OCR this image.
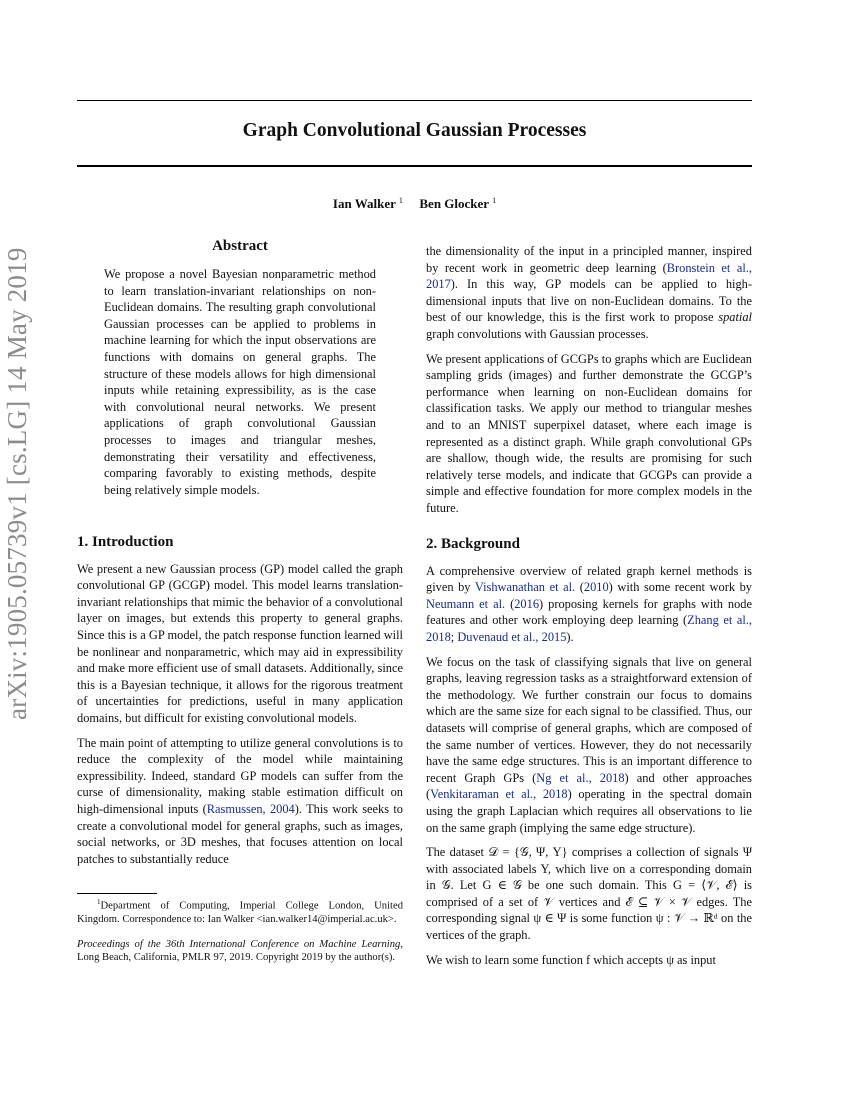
Graph Convolutional Gaussian Processes
Ian Walker $^1$ Ben Glocker $^1$
arXiv:1905.05739v1 [cs.LG] 14 May 2019
Abstract

We propose a novel Bayesian nonparametric method to learn translation-invariant relationships on non-Euclidean domains. The resulting graph convolutional Gaussian processes can be applied to problems in machine learning for which the input observations are functions with domains on general graphs. The structure of these models allows for high dimensional inputs while retaining expressibility, as is the case with convolutional neural networks. We present applications of graph convolutional Gaussian processes to images and triangular meshes, demonstrating their versatility and effectiveness, comparing favorably to existing methods, despite being relatively simple models.

1. Introduction

We present a new Gaussian process (GP) model called the graph convolutional GP (GCGP) model. This model learns translation-invariant relationships that mimic the behavior of a convolutional layer on images, but extends this property to general graphs. Since this is a GP model, the patch response function learned will be nonlinear and nonparametric, which may aid in expressibility and make more efficient use of small datasets. Additionally, since this is a Bayesian technique, it allows for the rigorous treatment of uncertainties for predictions, useful in many application domains, but difficult for existing convolutional models.

The main point of attempting to utilize general convolutions is to reduce the complexity of the model while maintaining expressibility. Indeed, standard GP models can suffer from the curse of dimensionality, making stable estimation difficult on high-dimensional inputs (Rasmussen, 2004). This work seeks to create a convolutional model for general graphs, such as images, social networks, or 3D meshes, that focuses attention on local patches to substantially reduce

$^1$Department of Computing, Imperial College London, United Kingdom. Correspondence to: Ian Walker <ian.walker14@imperial.ac.uk>.

Proceedings of the 36th International Conference on Machine Learning, Long Beach, California, PMLR 97, 2019. Copyright 2019 by the author(s).

the dimensionality of the input in a principled manner, inspired by recent work in geometric deep learning (Bronstein et al., 2017). In this way, GP models can be applied to high-dimensional inputs that live on non-Euclidean domains. To the best of our knowledge, this is the first work to propose spatial graph convolutions with Gaussian processes.

We present applications of GCGPs to graphs which are Euclidean sampling grids (images) and further demonstrate the GCGP’s performance when learning on non-Euclidean domains for classification tasks. We apply our method to triangular meshes and to an MNIST superpixel dataset, where each image is represented as a distinct graph. While graph convolutional GPs are shallow, though wide, the results are promising for such relatively terse models, and indicate that GCGPs can provide a simple and effective foundation for more complex models in the future.

2. Background

A comprehensive overview of related graph kernel methods is given by Vishwanathan et al. (2010) with some recent work by Neumann et al. (2016) proposing kernels for graphs with node features and other work employing deep learning (Zhang et al., 2018; Duvenaud et al., 2015).

We focus on the task of classifying signals that live on general graphs, leaving regression tasks as a straightforward extension of the methodology. We further constrain our focus to domains which are the same size for each signal to be classified. Thus, our datasets will comprise of general graphs, which are composed of the same number of vertices. However, they do not necessarily have the same edge structures. This is an important difference to recent Graph GPs (Ng et al., 2018) and other approaches (Venkitaraman et al., 2018) operating in the spectral domain using the graph Laplacian which requires all observations to lie on the same graph (implying the same edge structure).

The dataset 𝒟 = {𝒢, Ψ, Y} comprises a collection of signals Ψ with associated labels Y, which live on a corresponding domain in 𝒢. Let G ∈ 𝒢 be one such domain. This G = ⟨𝒱, ℰ⟩ is comprised of a set of 𝒱 vertices and ℰ ⊆ 𝒱 × 𝒱 edges. The corresponding signal ψ ∈ Ψ is some function ψ : 𝒱 → ℝᵈ on the vertices of the graph.

We wish to learn some function f which accepts ψ as input
